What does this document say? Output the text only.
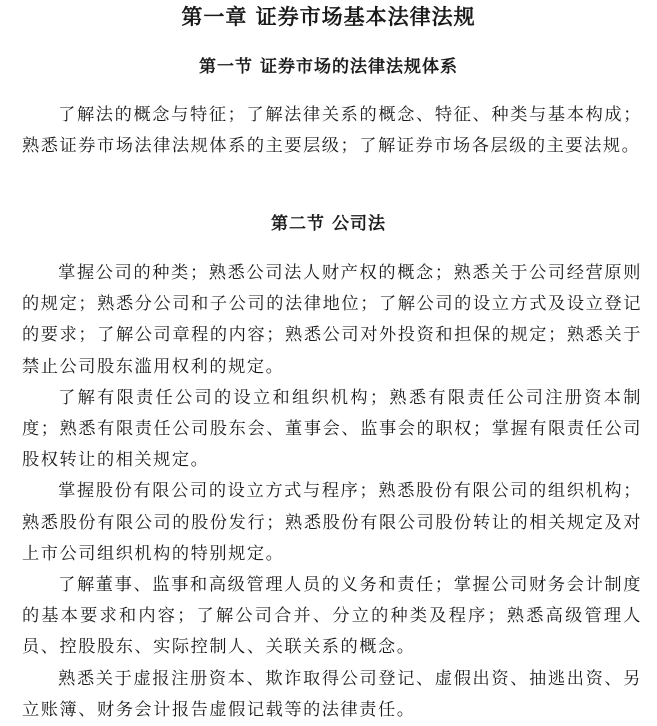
第一章 证券市场基本法律法规
第一节 证券市场的法律法规体系

了解法的概念与特征；了解法律关系的概念、特征、种类与基本构成；熟悉证券市场法律法规体系的主要层级；了解证券市场各层级的主要法规。

第二节 公司法

掌握公司的种类；熟悉公司法人财产权的概念；熟悉关于公司经营原则的规定；熟悉分公司和子公司的法律地位；了解公司的设立方式及设立登记的要求；了解公司章程的内容；熟悉公司对外投资和担保的规定；熟悉关于禁止公司股东滥用权利的规定。

了解有限责任公司的设立和组织机构；熟悉有限责任公司注册资本制度；熟悉有限责任公司股东会、董事会、监事会的职权；掌握有限责任公司股权转让的相关规定。

掌握股份有限公司的设立方式与程序；熟悉股份有限公司的组织机构；熟悉股份有限公司的股份发行；熟悉股份有限公司股份转让的相关规定及对上市公司组织机构的特别规定。

了解董事、监事和高级管理人员的义务和责任；掌握公司财务会计制度的基本要求和内容；了解公司合并、分立的种类及程序；熟悉高级管理人员、控股股东、实际控制人、关联关系的概念。

熟悉关于虚报注册资本、欺诈取得公司登记、虚假出资、抽逃出资、另立账簿、财务会计报告虚假记载等的法律责任。
